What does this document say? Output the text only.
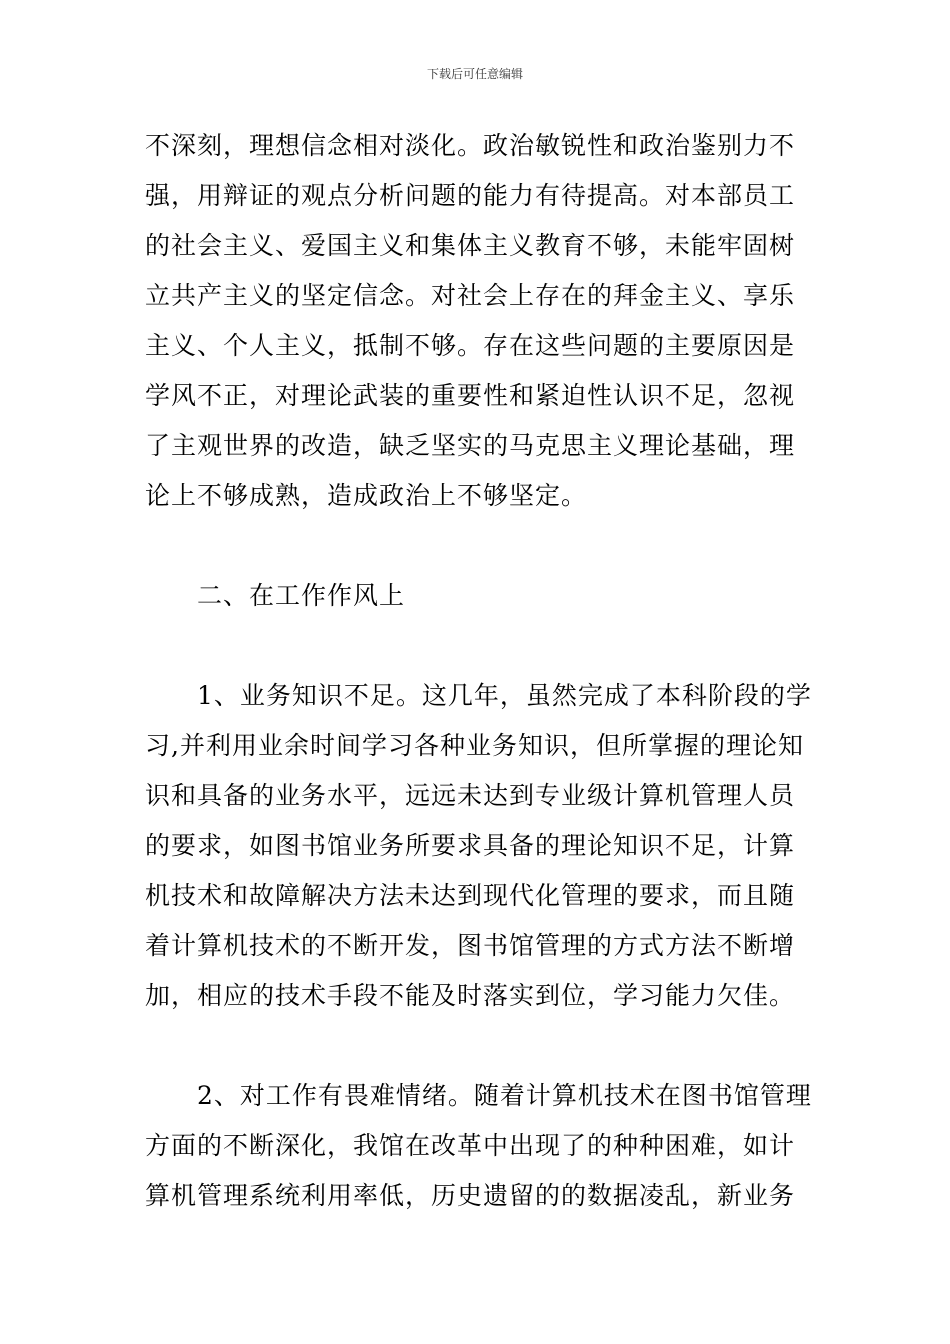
下载后可任意编辑
不深刻，理想信念相对淡化。政治敏锐性和政治鉴别力不
强，用辩证的观点分析问题的能力有待提高。对本部员工
的社会主义、爱国主义和集体主义教育不够，未能牢固树
立共产主义的坚定信念。对社会上存在的拜金主义、享乐
主义、个人主义，抵制不够。存在这些问题的主要原因是
学风不正，对理论武装的重要性和紧迫性认识不足，忽视
了主观世界的改造，缺乏坚实的马克思主义理论基础，理
论上不够成熟，造成政治上不够坚定。
　　二、在工作作风上
　　1、业务知识不足。这几年，虽然完成了本科阶段的学
习,并利用业余时间学习各种业务知识，但所掌握的理论知
识和具备的业务水平，远远未达到专业级计算机管理人员
的要求，如图书馆业务所要求具备的理论知识不足，计算
机技术和故障解决方法未达到现代化管理的要求，而且随
着计算机技术的不断开发，图书馆管理的方式方法不断增
加，相应的技术手段不能及时落实到位，学习能力欠佳。
　　2、对工作有畏难情绪。随着计算机技术在图书馆管理
方面的不断深化，我馆在改革中出现了的种种困难，如计
算机管理系统利用率低，历史遗留的的数据凌乱，新业务
